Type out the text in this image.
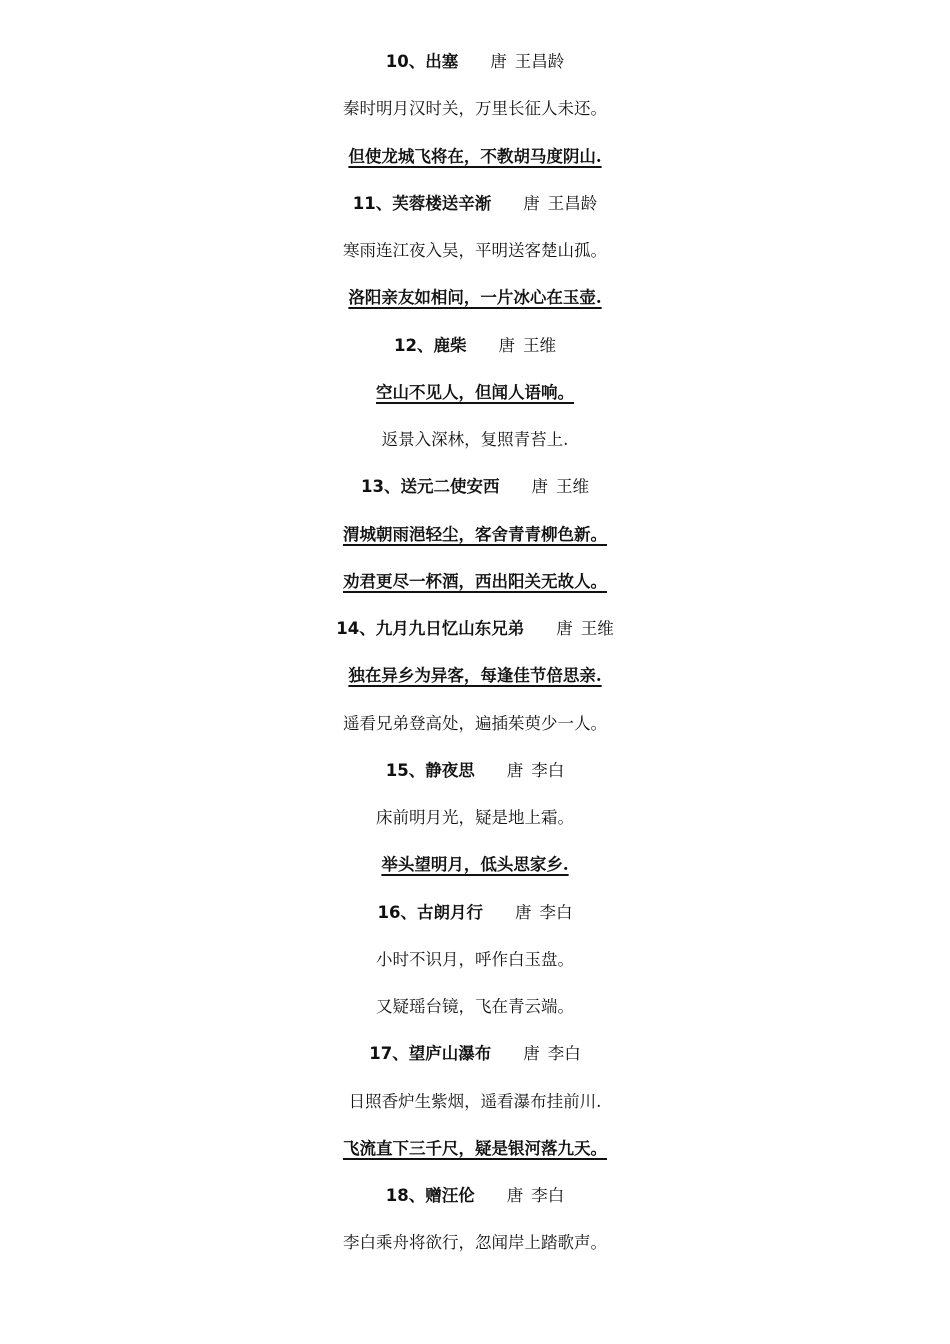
10、出塞 唐 王昌龄
秦时明月汉时关，万里长征人未还。
但使龙城飞将在，不教胡马度阴山.
11、芙蓉楼送辛渐 唐 王昌龄
寒雨连江夜入吴，平明送客楚山孤。
洛阳亲友如相问，一片冰心在玉壶.
12、鹿柴 唐 王维
空山不见人，但闻人语响。
返景入深林，复照青苔上.
13、送元二使安西 唐 王维
渭城朝雨浥轻尘，客舍青青柳色新。
劝君更尽一杯酒，西出阳关无故人。
14、九月九日忆山东兄弟 唐 王维
独在异乡为异客，每逢佳节倍思亲.
遥看兄弟登高处，遍插茱萸少一人。
15、静夜思 唐 李白
床前明月光，疑是地上霜。
举头望明月，低头思家乡.
16、古朗月行 唐 李白
小时不识月，呼作白玉盘。
又疑瑶台镜，飞在青云端。
17、望庐山瀑布 唐 李白
日照香炉生紫烟，遥看瀑布挂前川.
飞流直下三千尺，疑是银河落九天。
18、赠汪伦 唐 李白
李白乘舟将欲行，忽闻岸上踏歌声。
